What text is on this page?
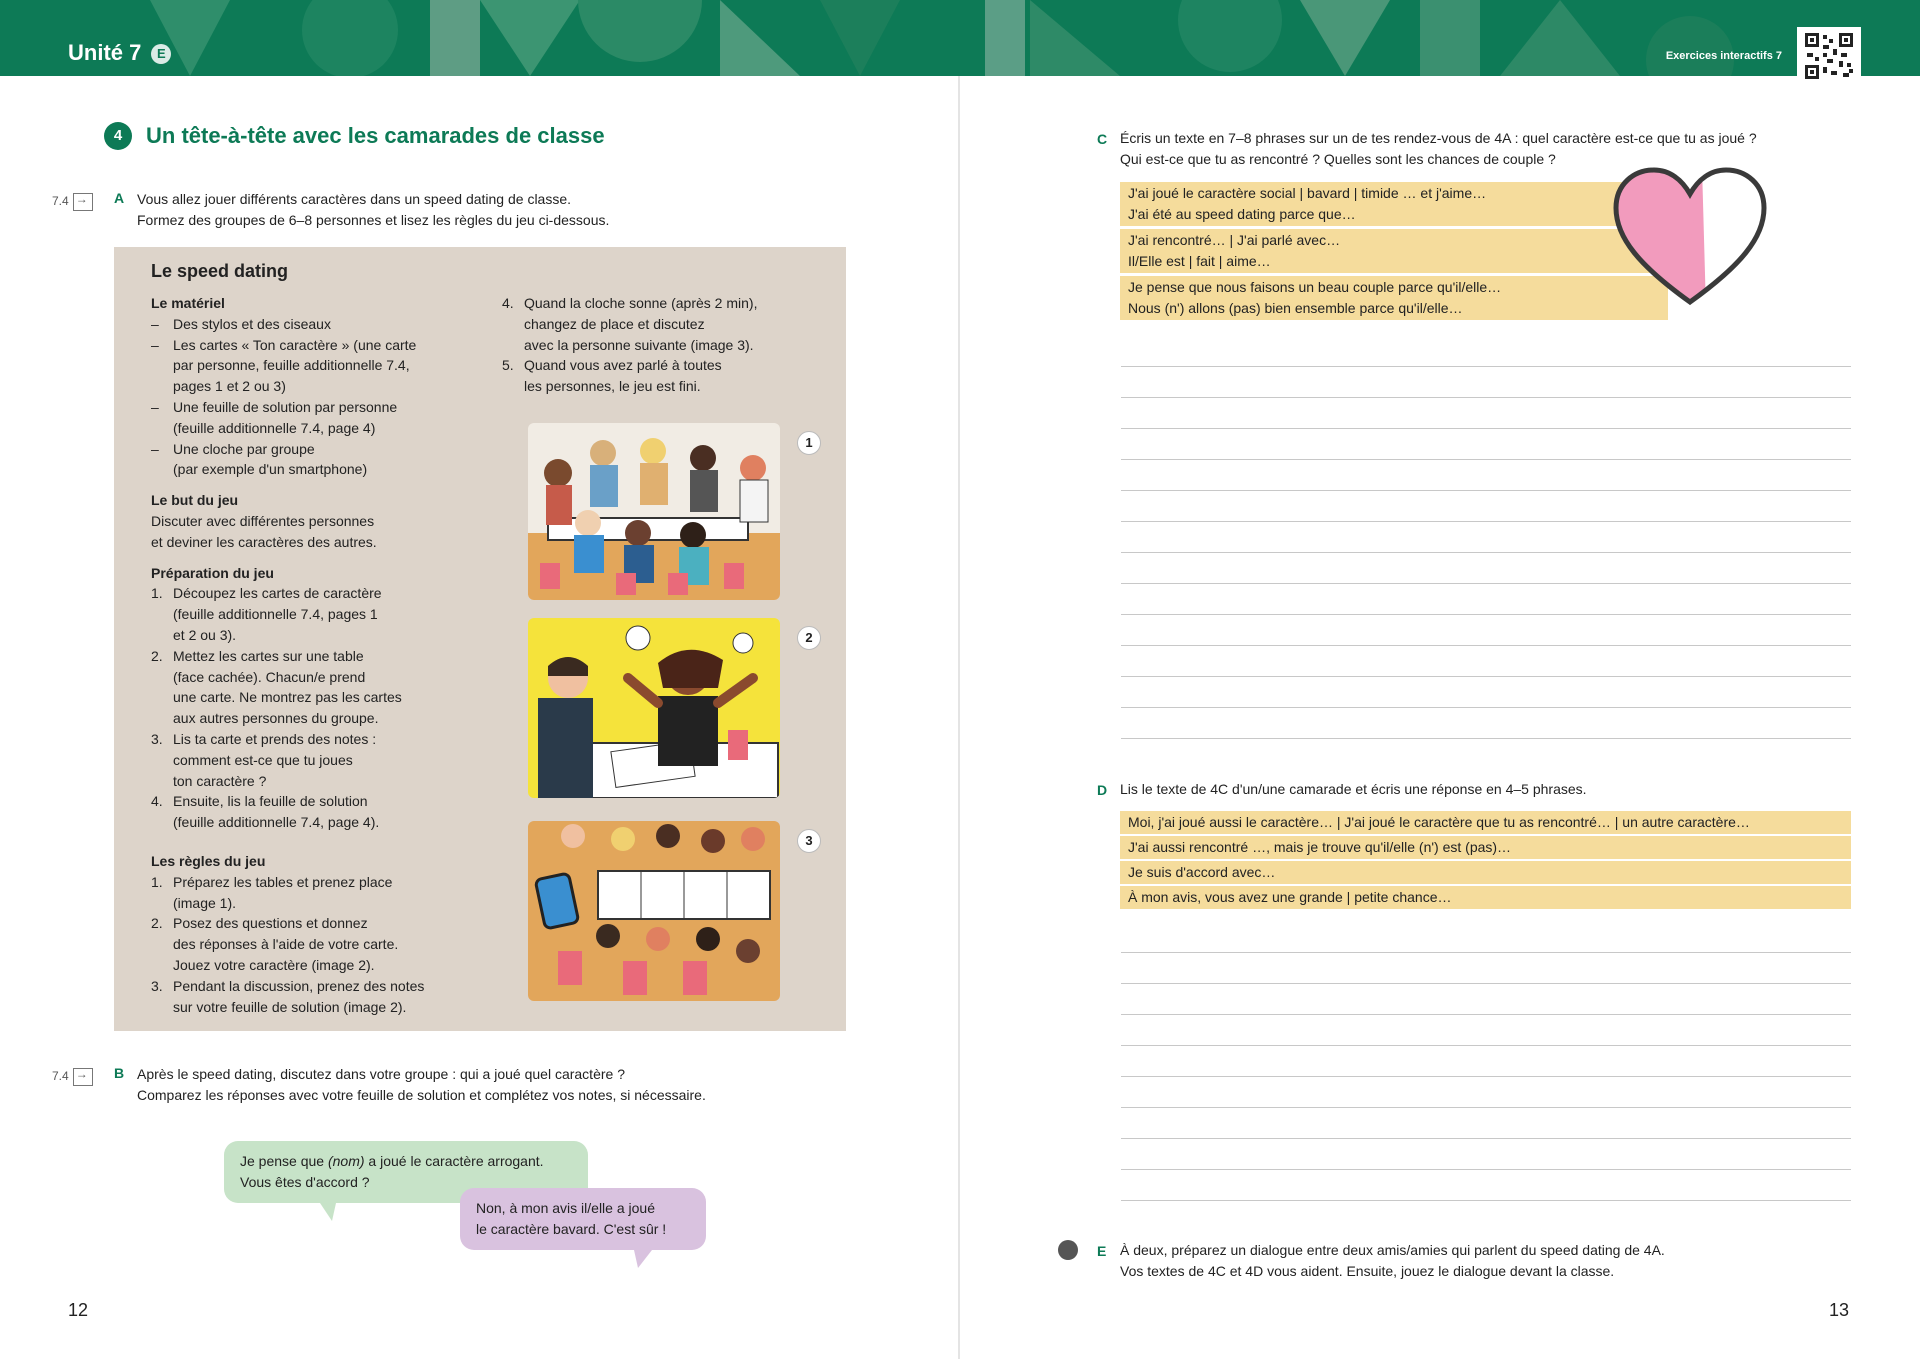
Unité 7 E	Exercices interactifs 7
4 Un tête-à-tête avec les camarades de classe
7.4 →	A Vous allez jouer différents caractères dans un speed dating de classe.
Formez des groupes de 6–8 personnes et lisez les règles du jeu ci-dessous.
Le speed dating
Le matériel
– Des stylos et des ciseaux
– Les cartes « Ton caractère » (une carte
par personne, feuille additionnelle 7.4,
pages 1 et 2 ou 3)
– Une feuille de solution par personne
(feuille additionnelle 7.4, page 4)
– Une cloche par groupe
(par exemple d'un smartphone)
Le but du jeu
Discuter avec différentes personnes
et deviner les caractères des autres.
Préparation du jeu
1. Découpez les cartes de caractère
(feuille additionnelle 7.4, pages 1
et 2 ou 3).
2. Mettez les cartes sur une table
(face cachée). Chacun/e prend
une carte. Ne montrez pas les cartes
aux autres personnes du groupe.
3. Lis ta carte et prends des notes :
comment est-ce que tu joues
ton caractère ?
4. Ensuite, lis la feuille de solution
(feuille additionnelle 7.4, page 4).
Les règles du jeu
1. Préparez les tables et prenez place
(image 1).
2. Posez des questions et donnez
des réponses à l'aide de votre carte.
Jouez votre caractère (image 2).
3. Pendant la discussion, prenez des notes
sur votre feuille de solution (image 2).
4. Quand la cloche sonne (après 2 min),
changez de place et discutez
avec la personne suivante (image 3).
5. Quand vous avez parlé à toutes
les personnes, le jeu est fini.
1
2
3
7.4 →	B Après le speed dating, discutez dans votre groupe : qui a joué quel caractère ?
Comparez les réponses avec votre feuille de solution et complétez vos notes, si nécessaire.
Je pense que (nom) a joué le caractère arrogant.
Vous êtes d'accord ?
Non, à mon avis il/elle a joué
le caractère bavard. C'est sûr !
12
C Écris un texte en 7–8 phrases sur un de tes rendez-vous de 4A : quel caractère est-ce que tu as joué ?
Qui est-ce que tu as rencontré ? Quelles sont les chances de couple ?
J'ai joué le caractère social | bavard | timide … et j'aime…
J'ai été au speed dating parce que…
J'ai rencontré… | J'ai parlé avec…
Il/Elle est | fait | aime…
Je pense que nous faisons un beau couple parce qu'il/elle…
Nous (n') allons (pas) bien ensemble parce qu'il/elle…
D Lis le texte de 4C d'un/une camarade et écris une réponse en 4–5 phrases.
Moi, j'ai joué aussi le caractère… | J'ai joué le caractère que tu as rencontré… | un autre caractère…
J'ai aussi rencontré …, mais je trouve qu'il/elle (n') est (pas)…
Je suis d'accord avec…
À mon avis, vous avez une grande | petite chance…
E À deux, préparez un dialogue entre deux amis/amies qui parlent du speed dating de 4A.
Vos textes de 4C et 4D vous aident. Ensuite, jouez le dialogue devant la classe.
13
